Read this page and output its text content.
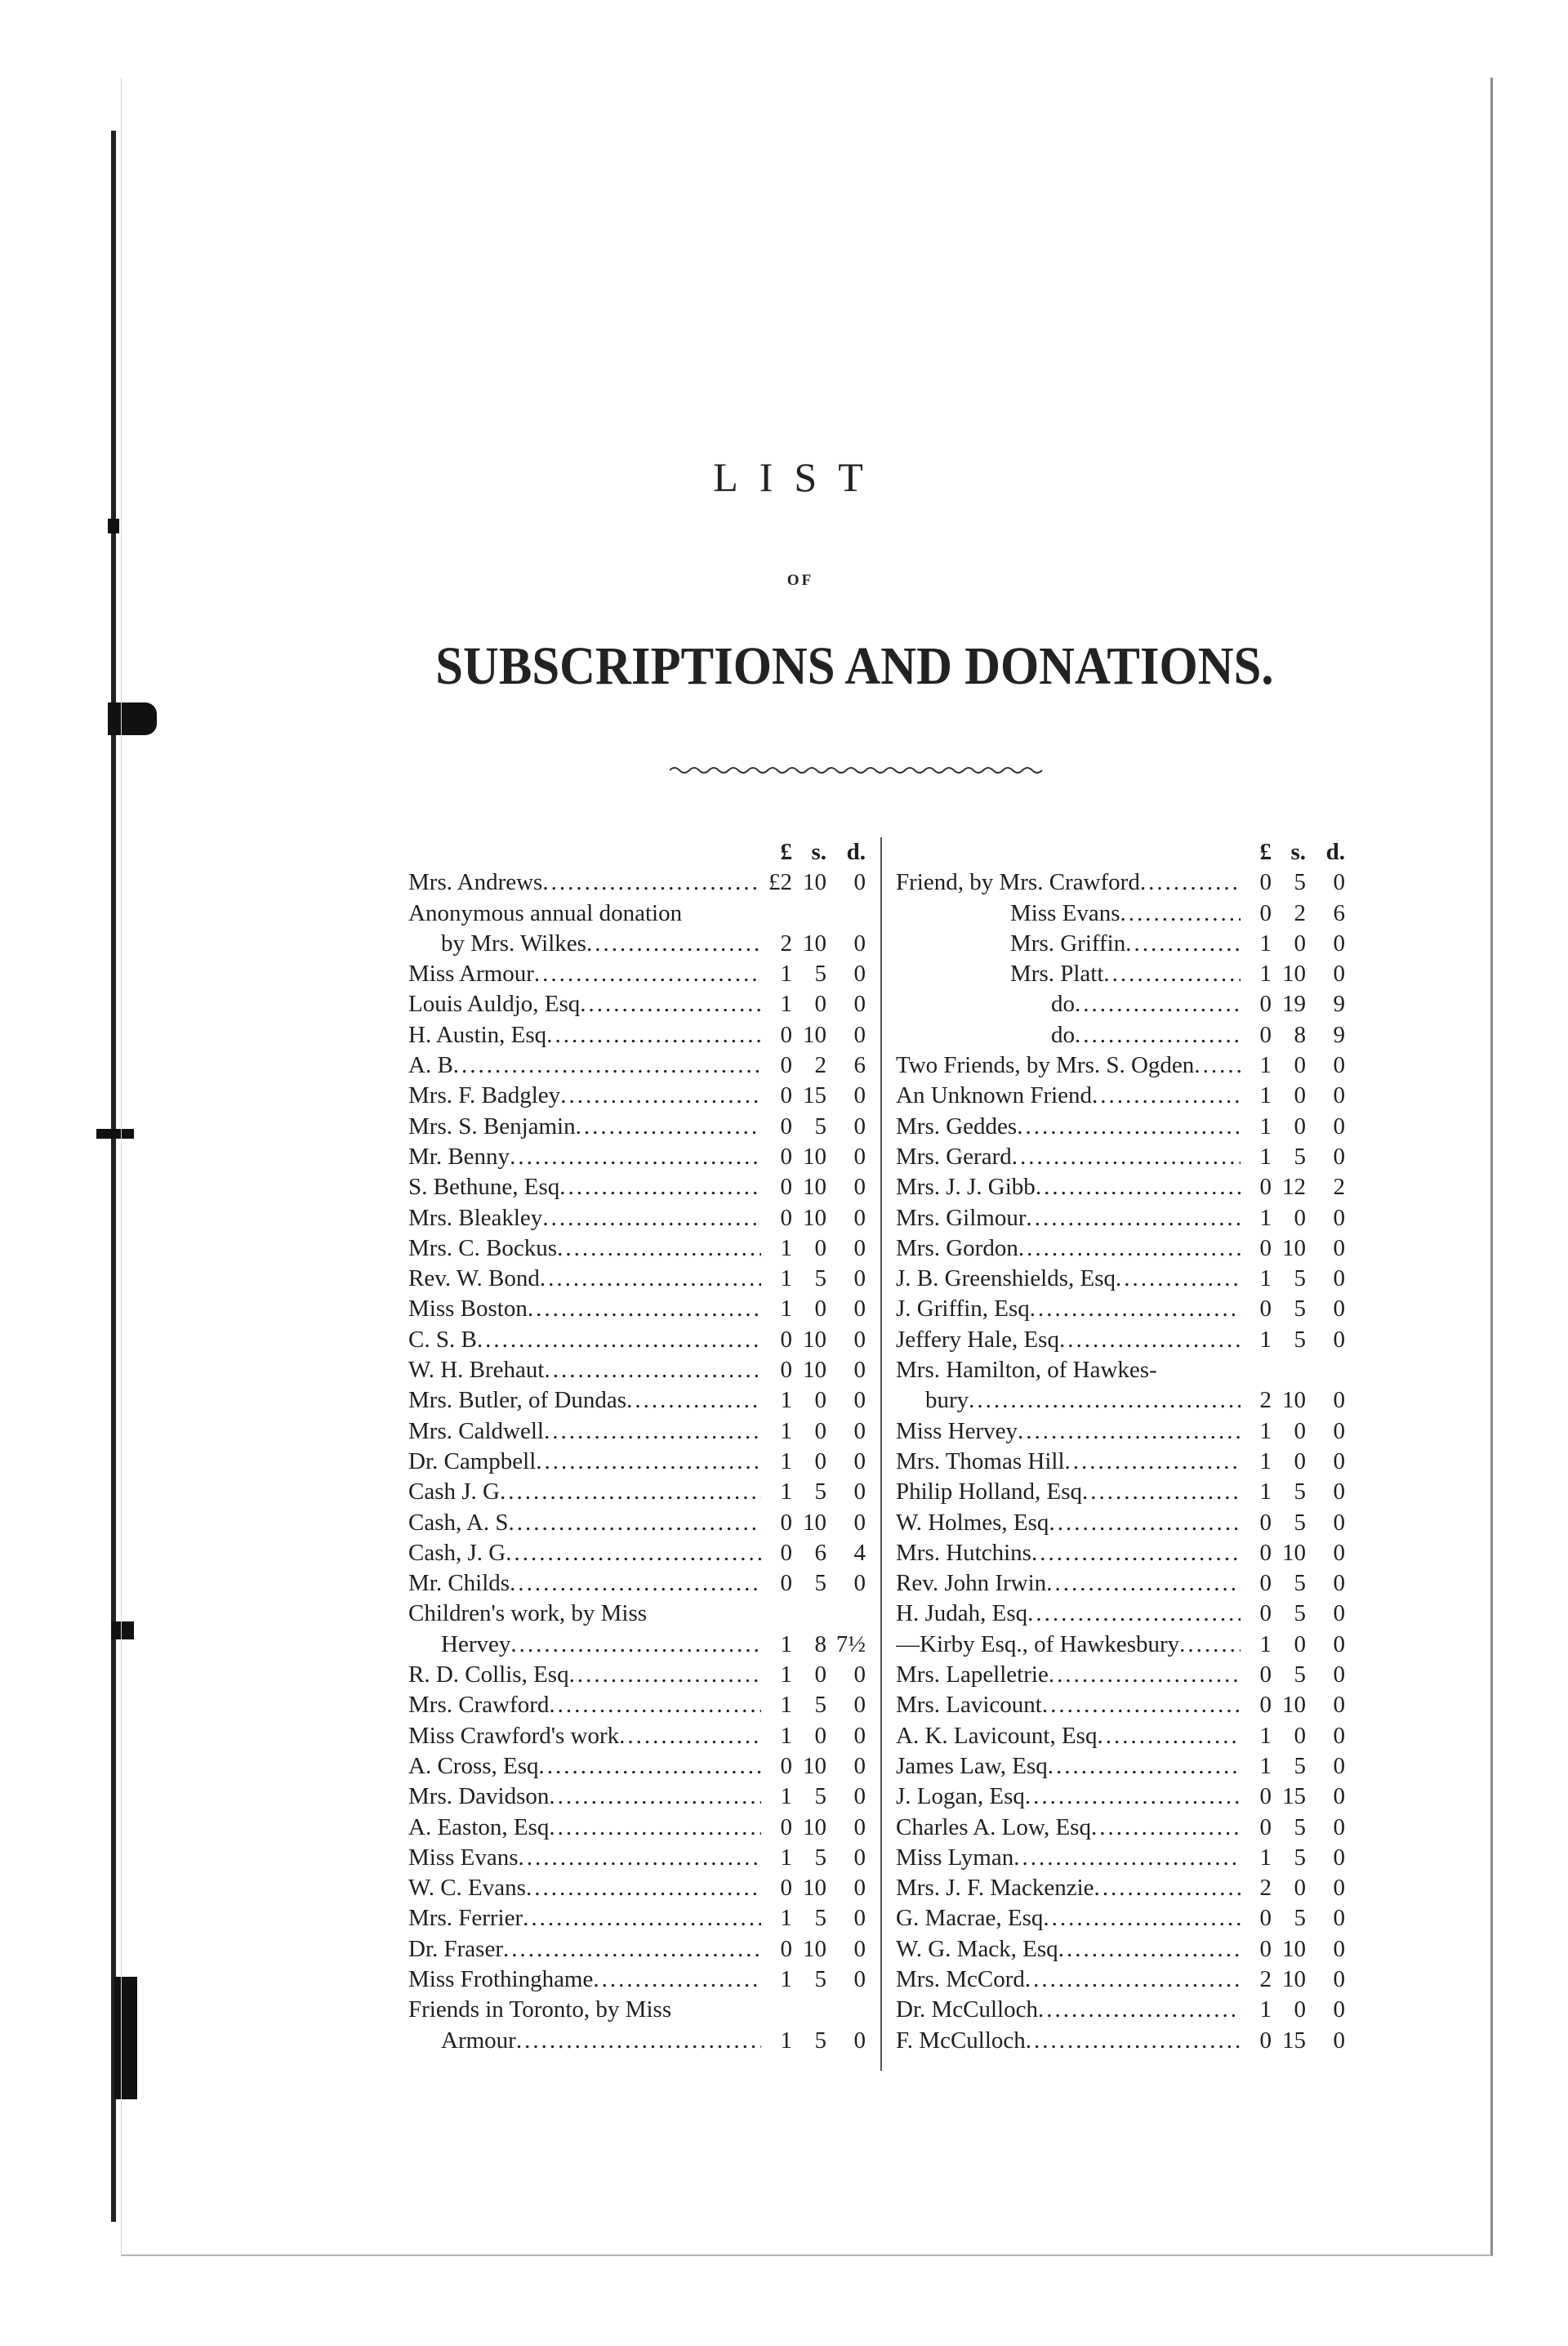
LIST
OF
SUBSCRIPTIONS AND DONATIONS.
£ s. d.
Mrs. Andrews .....	£2 10	0
Anonymous annual donation
by Mrs. Wilkes .....	2 10	0
Miss Armour .....	1 5	0
Louis Auldjo, Esq .....	1 0	0
H. Austin, Esq .....	0 10	0
A. B .....	0 2	6
Mrs. F. Badgley .....	0 15	0
Mrs. S. Benjamin .....	0 5	0
Mr. Benny .....	0 10	0
S. Bethune, Esq .....	0 10	0
Mrs. Bleakley .....	0 10	0
Mrs. C. Bockus .....	1 0	0
Rev. W. Bond .....	1 5	0
Miss Boston .....	1 0	0
C. S. B .....	0 10	0
W. H. Brehaut .....	0 10	0
Mrs. Butler, of Dundas .....	1 0	0
Mrs. Caldwell .....	1 0	0
Dr. Campbell .....	1 0	0
Cash J. G .....	1 5	0
Cash, A. S .....	0 10	0
Cash, J. G .....	0 6	4
Mr. Childs .....	0 5	0
Children's work, by Miss
Hervey .....	1 8 7½
R. D. Collis, Esq .....	1 0	0
Mrs. Crawford .....	1 5	0
Miss Crawford's work .....	1 0	0
A. Cross, Esq .....	0 10	0
Mrs. Davidson .....	1 5	0
A. Easton, Esq .....	0 10	0
Miss Evans .....	1 5	0
W. C. Evans .....	0 10	0
Mrs. Ferrier .....	1 5	0
Dr. Fraser .....	0 10	0
Miss Frothinghame .....	1 5	0
Friends in Toronto, by Miss
Armour .....	1 5	0
£ s. d.
Friend, by Mrs. Crawford .....	0 5	0
Miss Evans .....	0 2	6
Mrs. Griffin .....	1 0	0
Mrs. Platt .....	1 10	0
do .....	0 19	9
do .....	0 8	9
Two Friends, by Mrs. S. Ogden .....	1 0	0
An Unknown Friend .....	1 0	0
Mrs. Geddes .....	1 0	0
Mrs. Gerard .....	1 5	0
Mrs. J. J. Gibb .....	0 12	2
Mrs. Gilmour .....	1 0	0
Mrs. Gordon .....	0 10	0
J. B. Greenshields, Esq .....	1 5	0
J. Griffin, Esq .....	0 5	0
Jeffery Hale, Esq .....	1 5	0
Mrs. Hamilton, of Hawkes-
bury .....	2 10	0
Miss Hervey .....	1 0	0
Mrs. Thomas Hill .....	1 0	0
Philip Holland, Esq .....	1 5	0
W. Holmes, Esq .....	0 5	0
Mrs. Hutchins .....	0 10	0
Rev. John Irwin .....	0 5	0
H. Judah, Esq .....	0 5	0
—Kirby Esq., of Hawkesbury .....	1 0	0
Mrs. Lapelletrie .....	0 5	0
Mrs. Lavicount .....	0 10	0
A. K. Lavicount, Esq .....	1 0	0
James Law, Esq .....	1 5	0
J. Logan, Esq .....	0 15	0
Charles A. Low, Esq .....	0 5	0
Miss Lyman .....	1 5	0
Mrs. J. F. Mackenzie .....	2 0	0
G. Macrae, Esq .....	0 5	0
W. G. Mack, Esq .....	0 10	0
Mrs. McCord .....	2 10	0
Dr. McCulloch .....	1 0	0
F. McCulloch .....	0 15	0
